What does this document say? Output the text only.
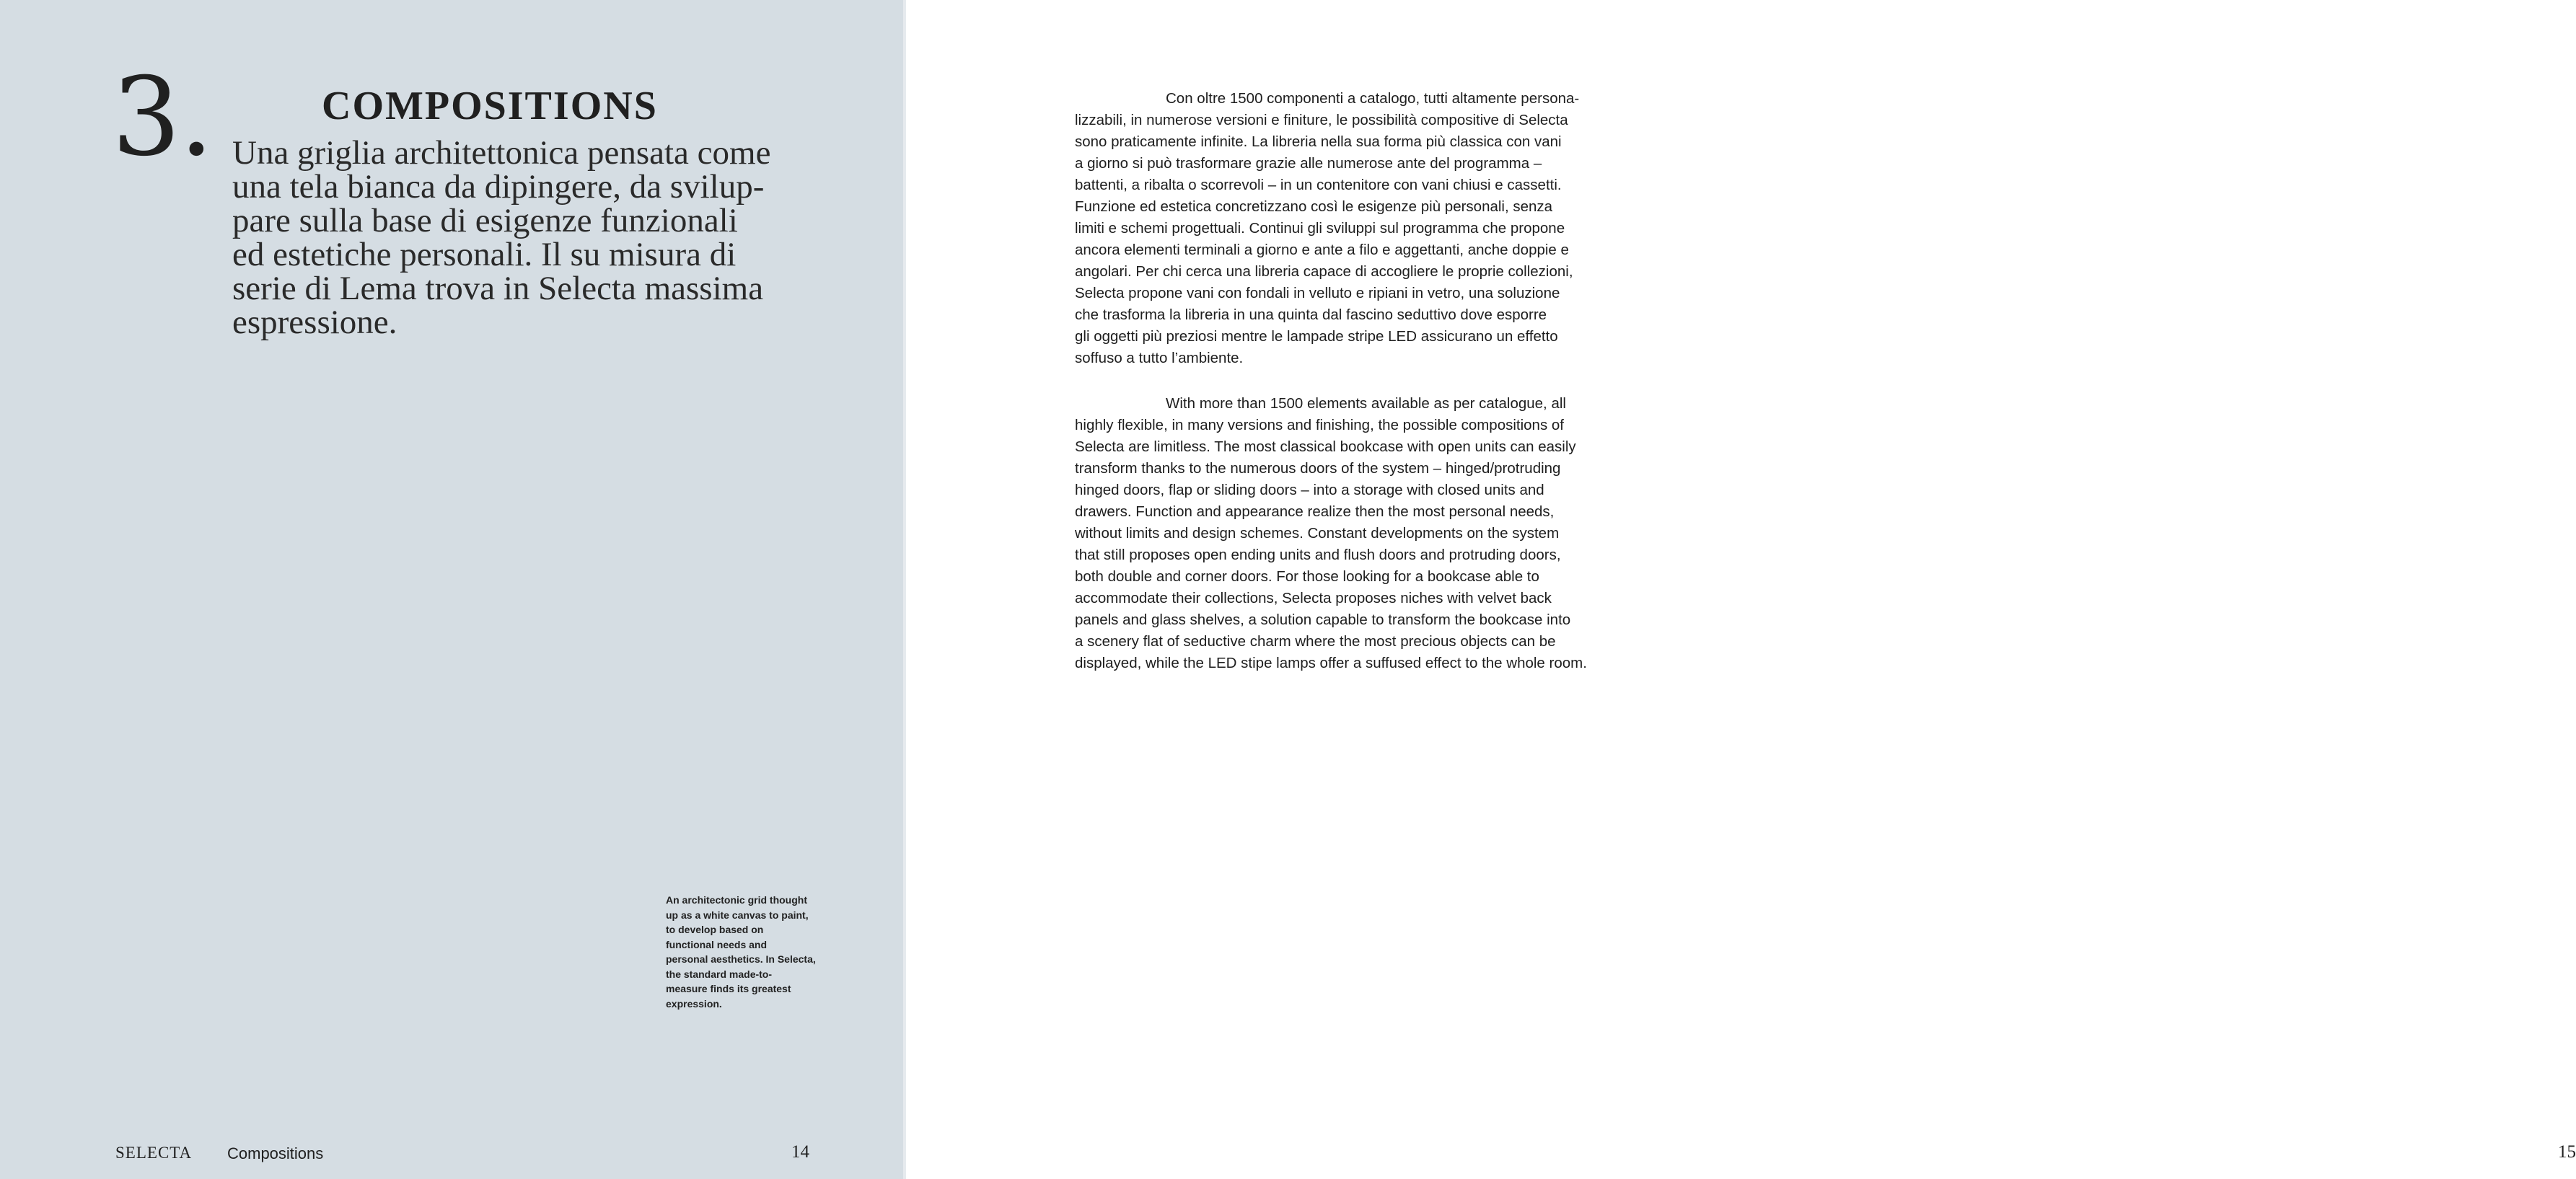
3.	COMPOSITIONS
Una griglia architettonica pensata come
una tela bianca da dipingere, da svilup-
pare sulla base di esigenze funzionali
ed estetiche personali. Il su misura di
serie di Lema trova in Selecta massima
espressione.
An architectonic grid thought
up as a white canvas to paint,
to develop based on
functional needs and
personal aesthetics. In Selecta,
the standard made-to-
measure finds its greatest
expression.
SELECTA Compositions	14
Con oltre 1500 componenti a catalogo, tutti altamente persona-
lizzabili, in numerose versioni e finiture, le possibilità compositive di Selecta
sono praticamente infinite. La libreria nella sua forma più classica con vani
a giorno si può trasformare grazie alle numerose ante del programma –
battenti, a ribalta o scorrevoli – in un contenitore con vani chiusi e cassetti.
Funzione ed estetica concretizzano così le esigenze più personali, senza
limiti e schemi progettuali. Continui gli sviluppi sul programma che propone
ancora elementi terminali a giorno e ante a filo e aggettanti, anche doppie e
angolari. Per chi cerca una libreria capace di accogliere le proprie collezioni,
Selecta propone vani con fondali in velluto e ripiani in vetro, una soluzione
che trasforma la libreria in una quinta dal fascino seduttivo dove esporre
gli oggetti più preziosi mentre le lampade stripe LED assicurano un effetto
soffuso a tutto l’ambiente.
With more than 1500 elements available as per catalogue, all
highly flexible, in many versions and finishing, the possible compositions of
Selecta are limitless. The most classical bookcase with open units can easily
transform thanks to the numerous doors of the system – hinged/protruding
hinged doors, flap or sliding doors – into a storage with closed units and
drawers. Function and appearance realize then the most personal needs,
without limits and design schemes. Constant developments on the system
that still proposes open ending units and flush doors and protruding doors,
both double and corner doors. For those looking for a bookcase able to
accommodate their collections, Selecta proposes niches with velvet back
panels and glass shelves, a solution capable to transform the bookcase into
a scenery flat of seductive charm where the most precious objects can be
displayed, while the LED stipe lamps offer a suffused effect to the whole room.
15
